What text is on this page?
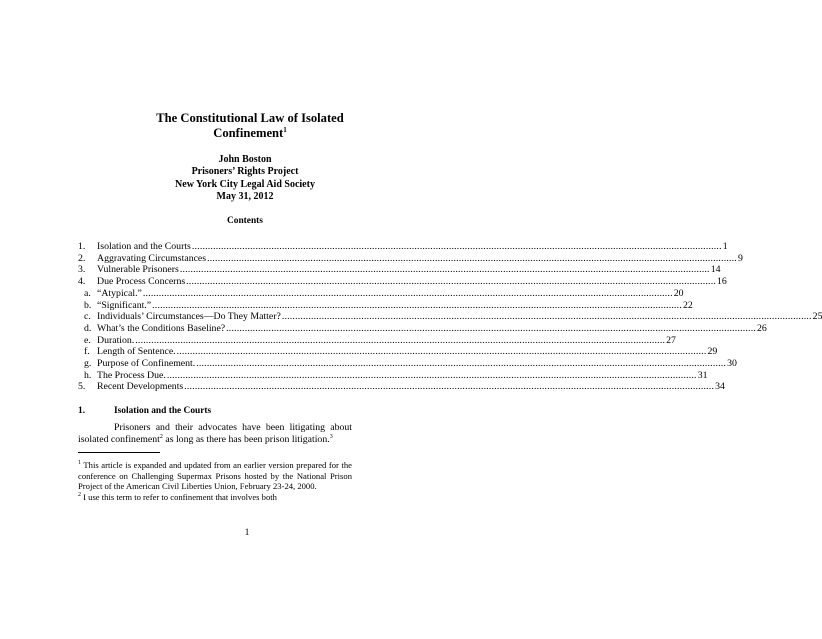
The Constitutional Law of Isolated Confinement$^1$
John Boston
Prisoners’ Rights Project
New York City Legal Aid Society
May 31, 2012
Contents
1.	Isolation and the Courts ........................................................................................................................................................................................................ 1
2.	Aggravating Circumstances ........................................................................................................................................................................................................ 9
3.	Vulnerable Prisoners ........................................................................................................................................................................................................ 14
4.	Due Process Concerns ........................................................................................................................................................................................................ 16
a. “Atypical.” ........................................................................................................................................................................................................ 20
b. “Significant.” ........................................................................................................................................................................................................ 22
c. Individuals’ Circumstances—Do They Matter? ........................................................................................................................................................................................................ 25
d. What’s the Conditions Baseline? ........................................................................................................................................................................................................ 26
e. Duration. ........................................................................................................................................................................................................ 27
f. Length of Sentence. ........................................................................................................................................................................................................ 29
g. Purpose of Confinement. ........................................................................................................................................................................................................ 30
h. The Process Due. ........................................................................................................................................................................................................ 31
5.	Recent Developments ........................................................................................................................................................................................................ 34
1.	Isolation and the Courts
Prisoners and their advocates have been litigating about isolated confinement$^2$ as long as there has been prison litigation.$^3$

$^1$ This article is expanded and updated from an earlier version prepared for the conference on Challenging Supermax Prisons hosted by the National Prison Project of the American Civil Liberties Union, February 23-24, 2000.

$^2$ I use this term to refer to confinement that involves both

1
